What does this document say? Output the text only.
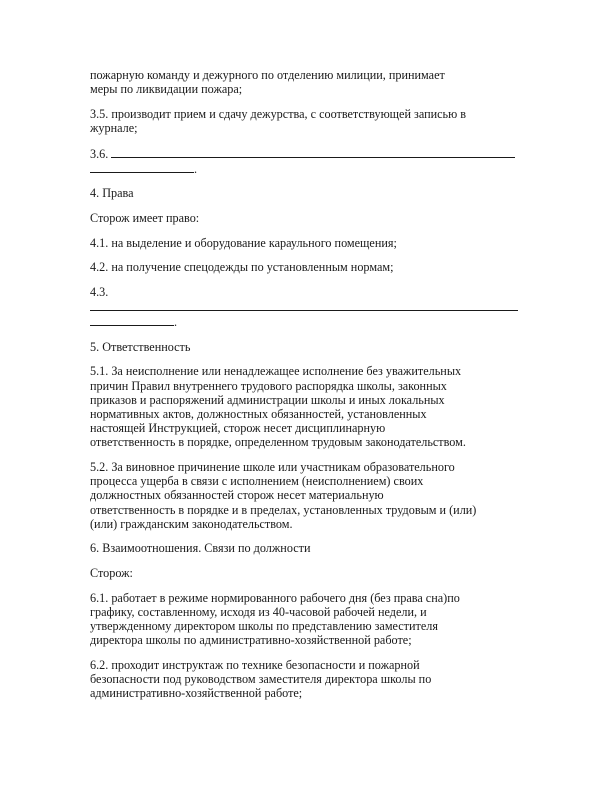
пожарную команду и дежурного по отделению милиции, принимает

меры по ликвидации пожара;

3.5. производит прием и сдачу дежурства, с соответствующей записью в

журнале;

3.6.

.

4. Права

Сторож имеет право:

4.1. на выделение и оборудование караульного помещения;

4.2. на получение спецодежды по установленным нормам;

4.3.

.

5. Ответственность

5.1. За неисполнение или ненадлежащее исполнение без уважительных

причин Правил внутреннего трудового распорядка школы, законных

приказов и распоряжений администрации школы и иных локальных

нормативных актов, должностных обязанностей, установленных

настоящей Инструкцией, сторож несет дисциплинарную

ответственность в порядке, определенном трудовым законодательством.

5.2. За виновное причинение школе или участникам образовательного

процесса ущерба в связи с исполнением (неисполнением) своих

должностных обязанностей сторож несет материальную

ответственность в порядке и в пределах, установленных трудовым и (или)

(или) гражданским законодательством.

6. Взаимоотношения. Связи по должности

Сторож:

6.1. работает в режиме нормированного рабочего дня (без права сна)по

графику, составленному, исходя из 40-часовой рабочей недели, и

утвержденному директором школы по представлению заместителя

директора школы по административно-хозяйственной работе;

6.2. проходит инструктаж по технике безопасности и пожарной

безопасности под руководством заместителя директора школы по

административно-хозяйственной работе;
